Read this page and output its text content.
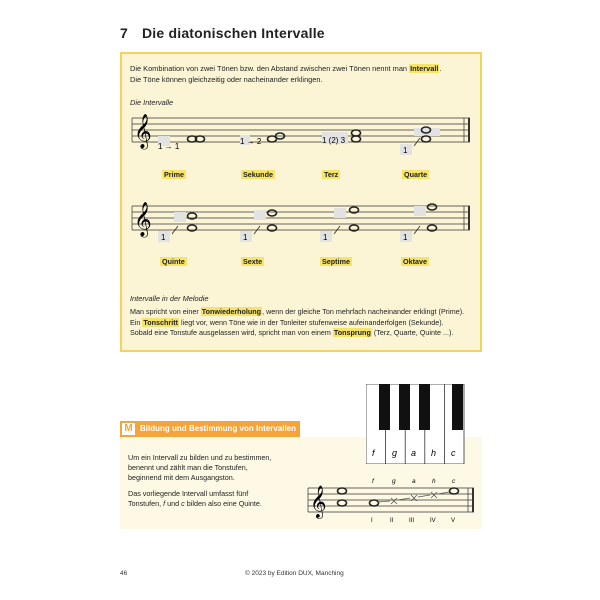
7 Die diatonischen Intervalle
Die Kombination von zwei Tönen bzw. den Abstand zwischen zwei Tönen nennt man Intervall.
Die Töne können gleichzeitig oder nacheinander erklingen.
Die Intervalle
𝄞 1 → 1
1 → 2	1 (2) 3
1
Prime	Sekunde	Terz	Quarte
𝄞
1	1	1	1
Quinte	Sexte	Septime	Oktave
Intervalle in der Melodie
Man spricht von einer Tonwiederholung, wenn der gleiche Ton mehrfach nacheinander erklingt (Prime).
Ein Tonschritt liegt vor, wenn Töne wie in der Tonleiter stufenweise aufeinanderfolgen (Sekunde).
Sobald eine Tonstufe ausgelassen wird, spricht man von einem Tonsprung (Terz, Quarte, Quinte ...).
M Bildung und Bestimmung von Intervallen
f g a h c
Um ein Intervall zu bilden und zu bestimmen,
benennt und zählt man die Tonstufen,
beginnend mit dem Ausgangston.
Das vorliegende Intervall umfasst fünf
Tonstufen, f und c bilden also eine Quinte.
f	g	a	h	c
𝄞
I	II	III	IV	V
46	© 2023 by Edition DUX, Manching
